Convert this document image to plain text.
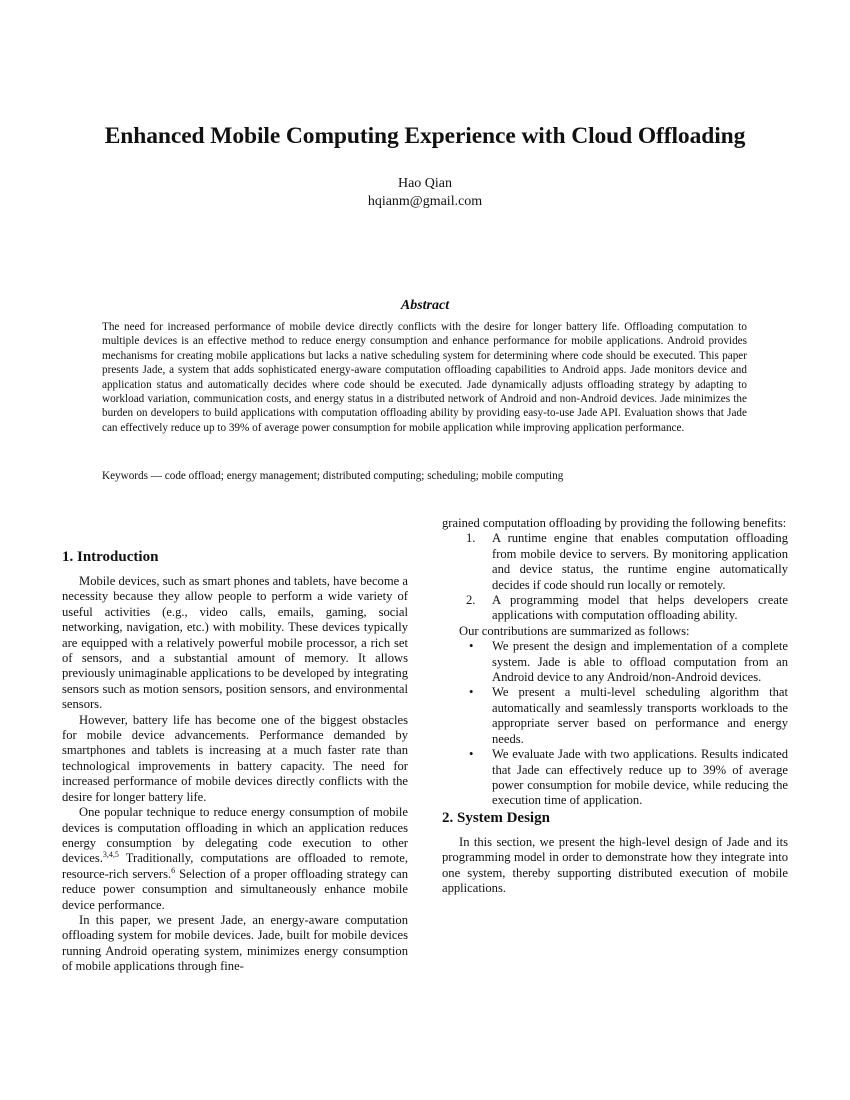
Enhanced Mobile Computing Experience with Cloud Offloading
Hao Qian
hqianm@gmail.com
Abstract

The need for increased performance of mobile device directly conflicts with the desire for longer battery life. Offloading computation to multiple devices is an effective method to reduce energy consumption and enhance performance for mobile applications. Android provides mechanisms for creating mobile applications but lacks a native scheduling system for determining where code should be executed. This paper presents Jade, a system that adds sophisticated energy-aware computation offloading capabilities to Android apps. Jade monitors device and application status and automatically decides where code should be executed. Jade dynamically adjusts offloading strategy by adapting to workload variation, communication costs, and energy status in a distributed network of Android and non-Android devices. Jade minimizes the burden on developers to build applications with computation offloading ability by providing easy-to-use Jade API. Evaluation shows that Jade can effectively reduce up to 39% of average power consumption for mobile application while improving application performance.

Keywords — code offload; energy management; distributed computing; scheduling; mobile computing

1. Introduction

Mobile devices, such as smart phones and tablets, have become a necessity because they allow people to perform a wide variety of useful activities (e.g., video calls, emails, gaming, social networking, navigation, etc.) with mobility. These devices typically are equipped with a relatively powerful mobile processor, a rich set of sensors, and a substantial amount of memory. It allows previously unimaginable applications to be developed by integrating sensors such as motion sensors, position sensors, and environmental sensors.

However, battery life has become one of the biggest obstacles for mobile device advancements. Performance demanded by smartphones and tablets is increasing at a much faster rate than technological improvements in battery capacity. The need for increased performance of mobile devices directly conflicts with the desire for longer battery life.

One popular technique to reduce energy consumption of mobile devices is computation offloading in which an application reduces energy consumption by delegating code execution to other devices.$^{3,4,5}$ Traditionally, computations are offloaded to remote, resource-rich servers.$^6$ Selection of a proper offloading strategy can reduce power consumption and simultaneously enhance mobile device performance.

In this paper, we present Jade, an energy-aware computation offloading system for mobile devices. Jade, built for mobile devices running Android operating system, minimizes energy consumption of mobile applications through fine-

grained computation offloading by providing the following benefits:

1.	A runtime engine that enables computation offloading from mobile device to servers. By monitoring application and device status, the runtime engine automatically decides if code should run locally or remotely.
2.	A programming model that helps developers create applications with computation offloading ability.

Our contributions are summarized as follows:

• We present the design and implementation of a complete system. Jade is able to offload computation from an Android device to any Android/non-Android devices.
• We present a multi-level scheduling algorithm that automatically and seamlessly transports workloads to the appropriate server based on performance and energy needs.
• We evaluate Jade with two applications. Results indicated that Jade can effectively reduce up to 39% of average power consumption for mobile device, while reducing the execution time of application.
2. System Design

In this section, we present the high-level design of Jade and its programming model in order to demonstrate how they integrate into one system, thereby supporting distributed execution of mobile applications.
